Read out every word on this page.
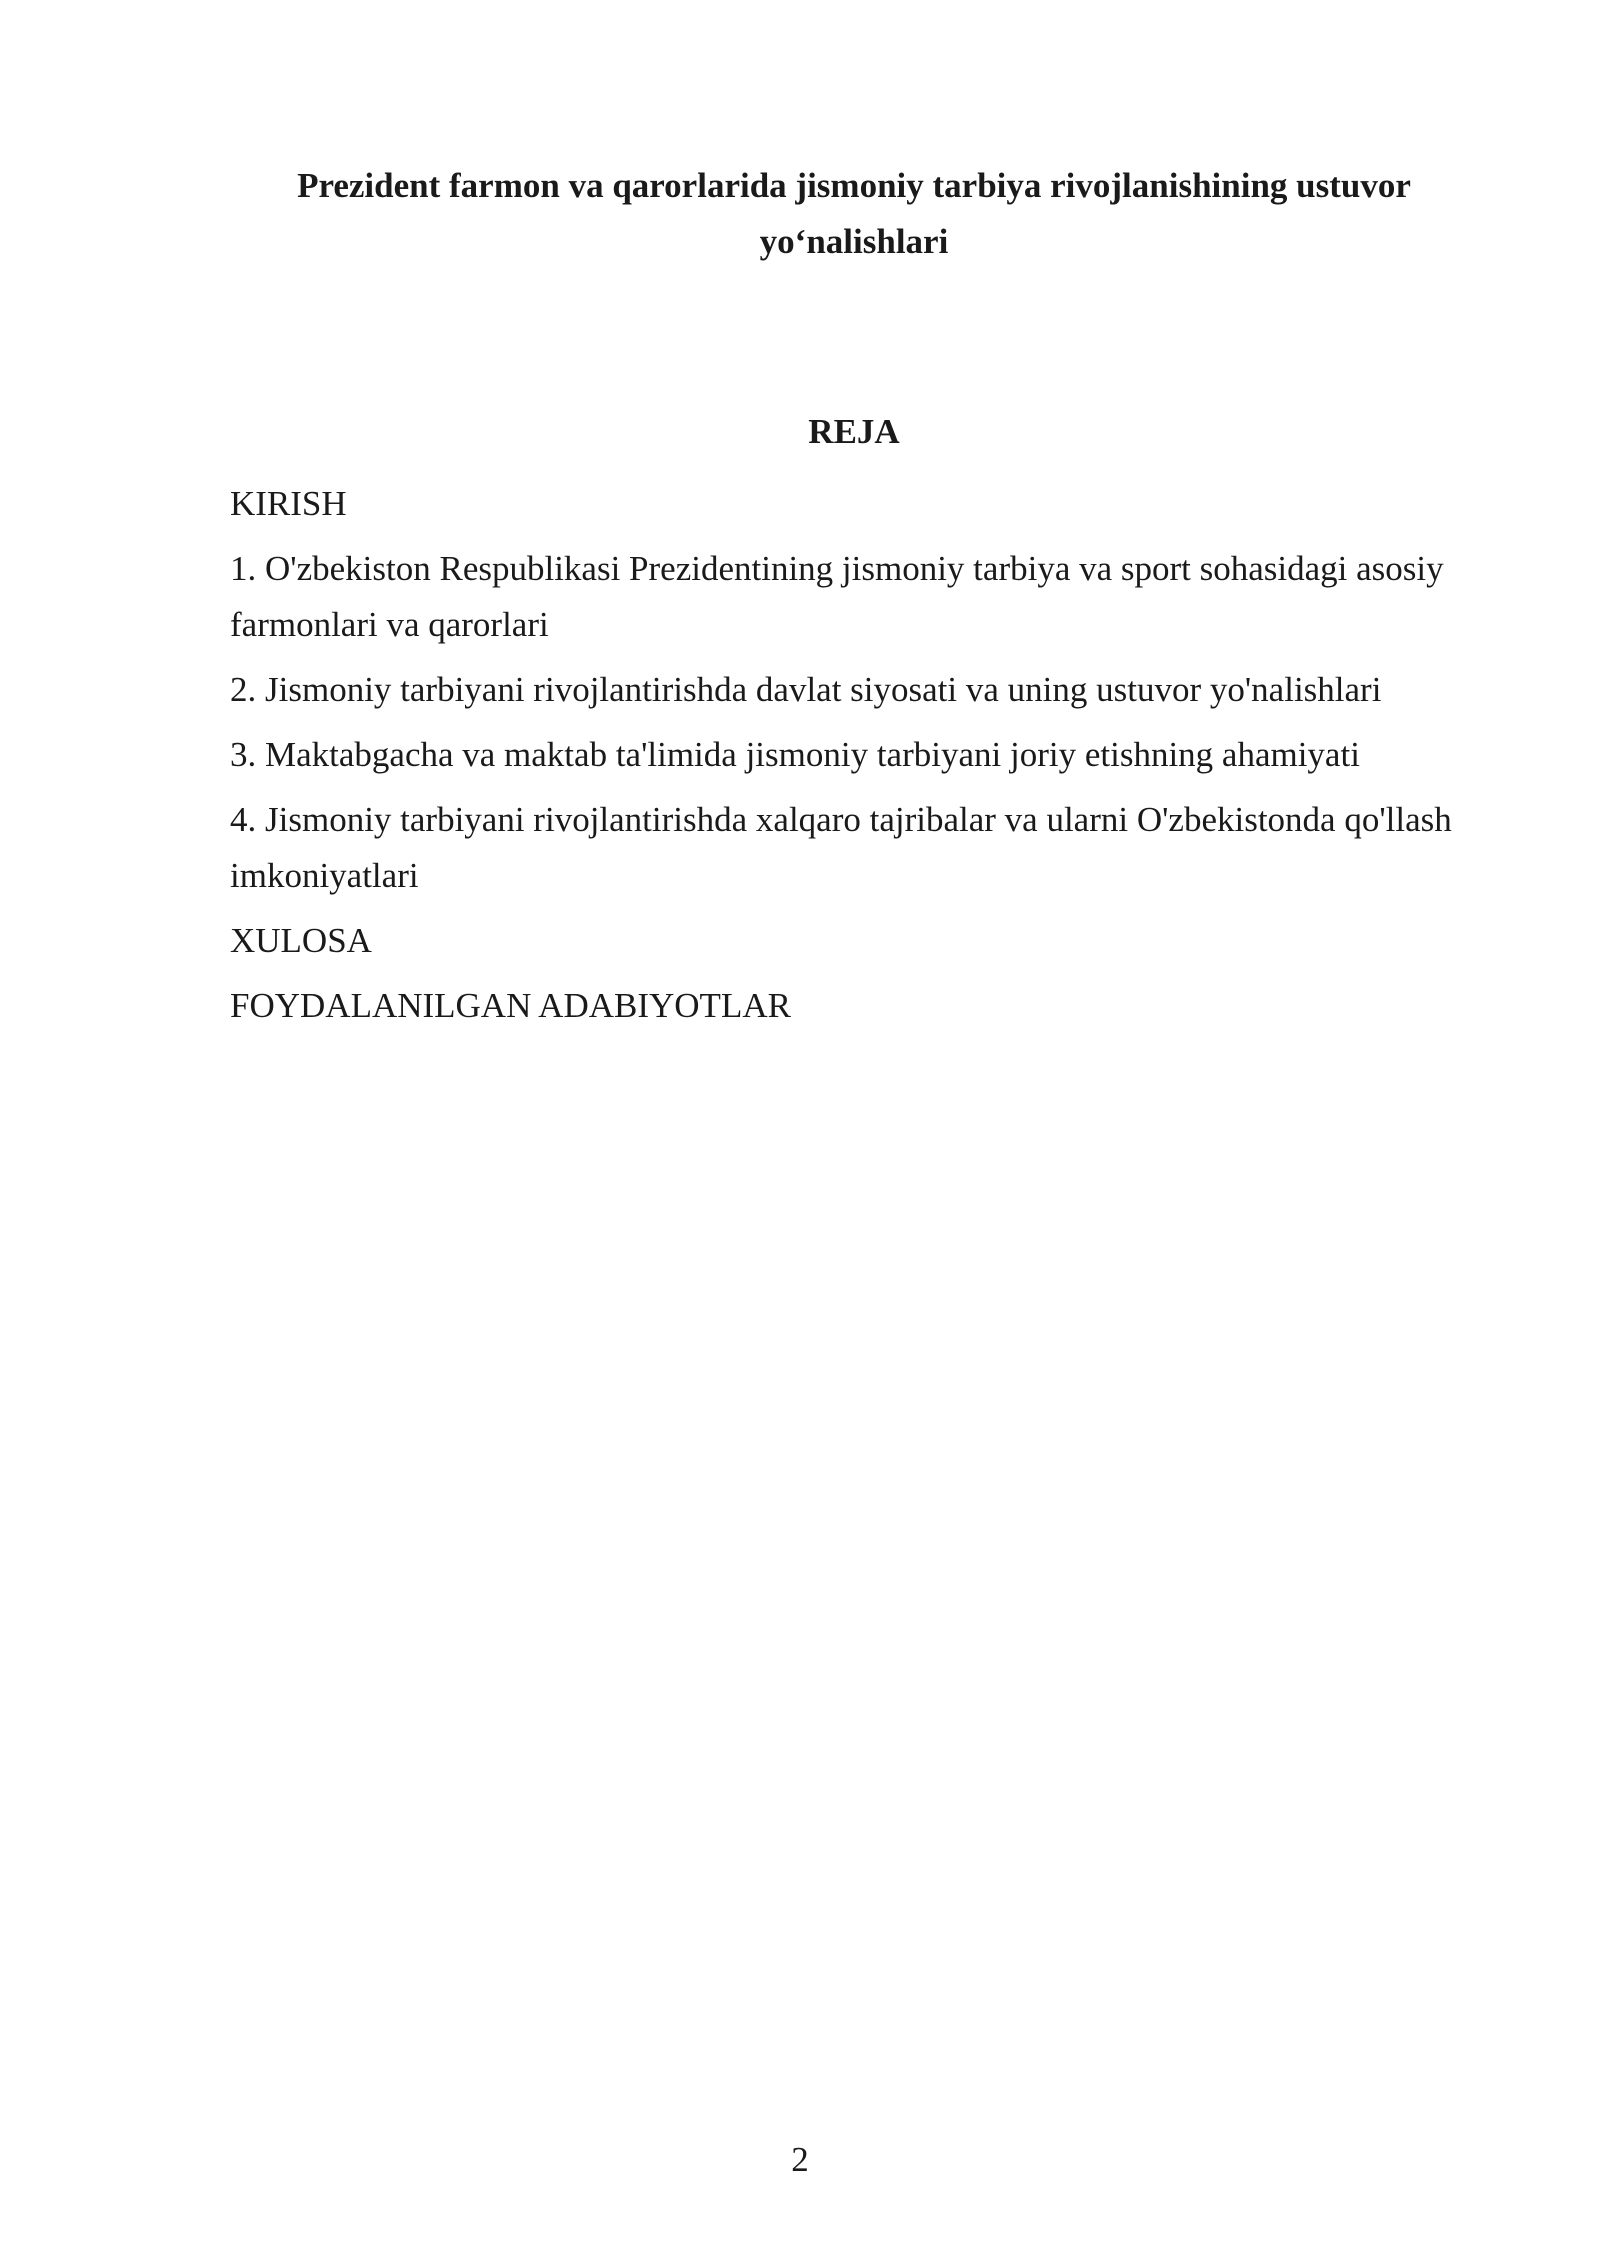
Prezident farmon va qarorlarida jismoniy tarbiya rivojlanishining ustuvor yo‘nalishlari
REJA
KIRISH
1. O'zbekiston Respublikasi Prezidentining jismoniy tarbiya va sport sohasidagi asosiy farmonlari va qarorlari
2. Jismoniy tarbiyani rivojlantirishda davlat siyosati va uning ustuvor yo'nalishlari
3. Maktabgacha va maktab ta'limida jismoniy tarbiyani joriy etishning ahamiyati
4. Jismoniy tarbiyani rivojlantirishda xalqaro tajribalar va ularni O'zbekistonda qo'llash imkoniyatlari
XULOSA
FOYDALANILGAN ADABIYOTLAR
2
